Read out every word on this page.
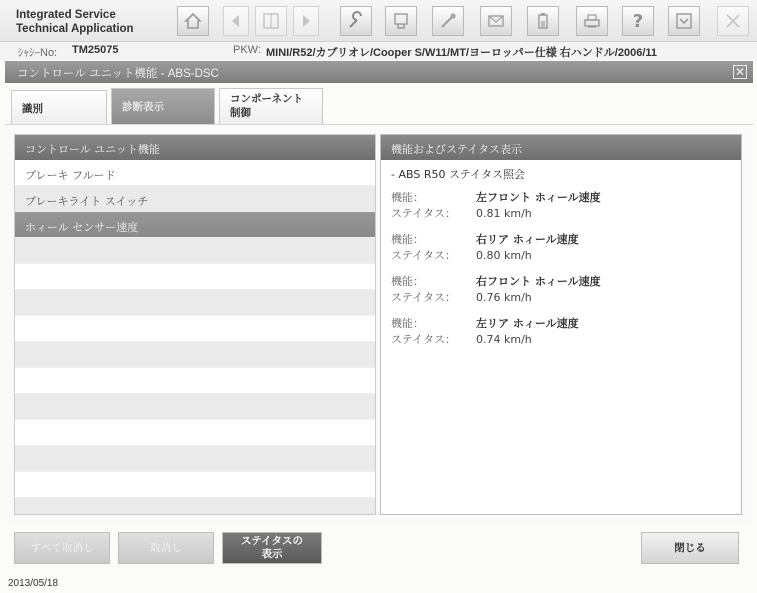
Integrated Service
Technical Application	?
ｼｬｼｰNo: TM25075	PKW: MINI/R52/カブリオレ/Cooper S/W11/MT/ヨーロッパー仕様 右ハンドル/2006/11
コントロール ユニット機能 - ABS-DSC	✕
識別	診断表示
コンポーネント
制御
コントロール ユニット機能
ブレーキ フルード
ブレーキライト スイッチ
ホィール センサー速度
機能およびステイタス表示
- ABS R50 ステイタス照会
機能：	左フロント ホィール速度
ステイタス：	0.81 km/h
機能：	右リア ホィール速度
ステイタス：	0.80 km/h
機能：	右フロント ホィール速度
ステイタス：	0.76 km/h
機能：	左リア ホィール速度
ステイタス：	0.74 km/h
すべて取消し	取消し
ステイタスの
表示
閉じる
2013/05/18
